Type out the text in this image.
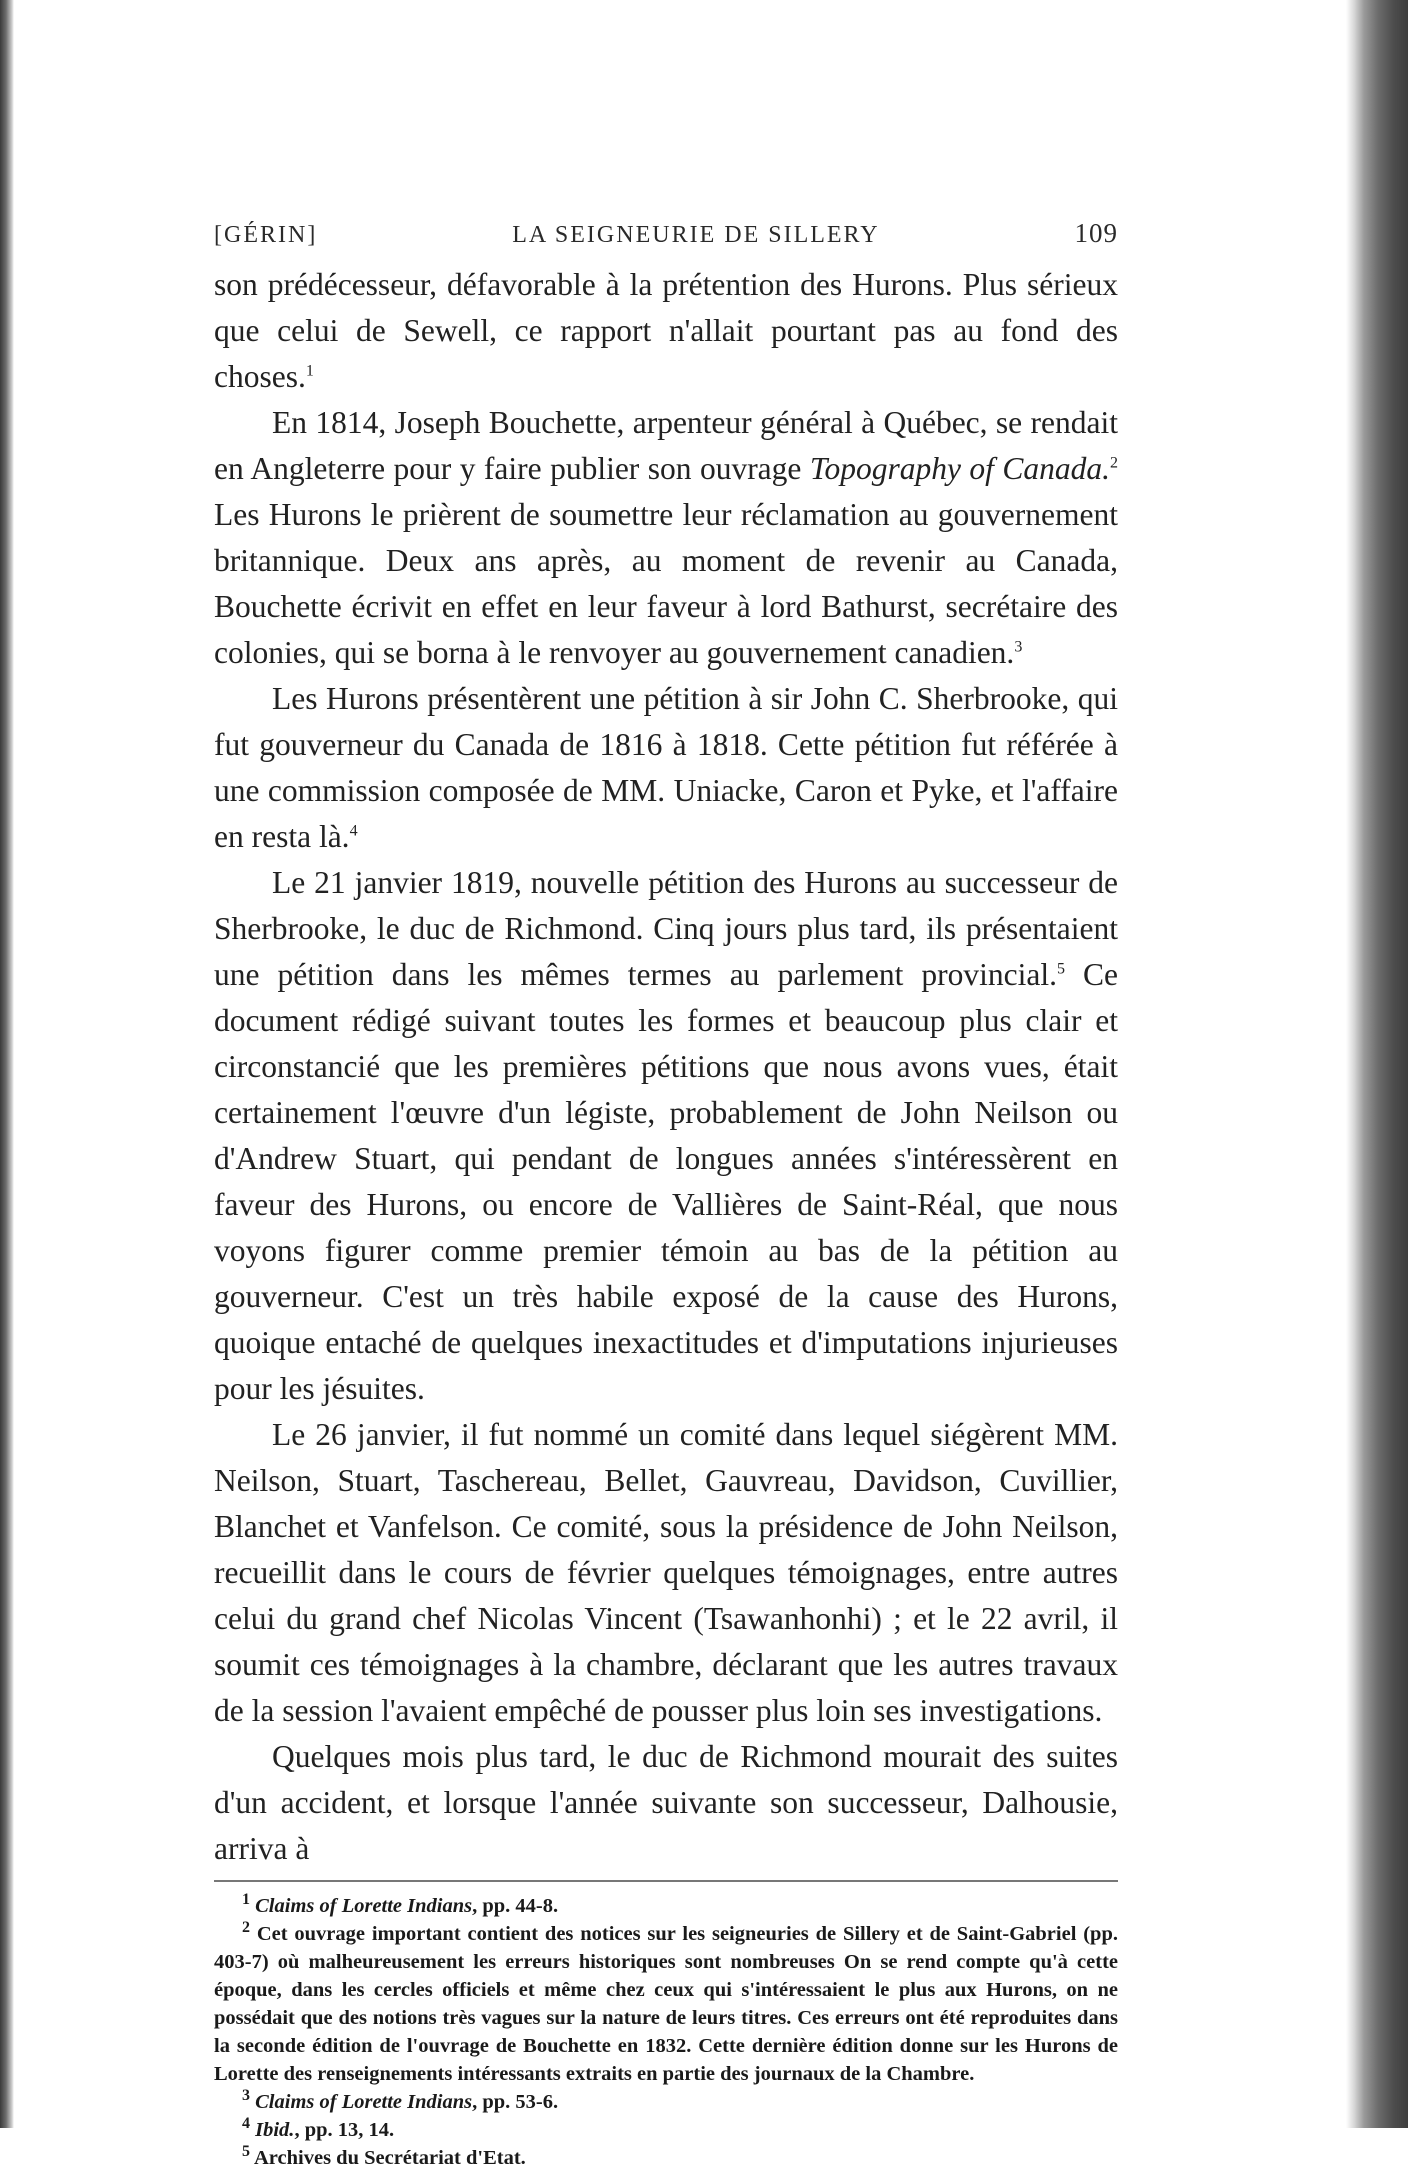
[GÉRIN]	LA SEIGNEURIE DE SILLERY	109

son prédécesseur, défavorable à la prétention des Hurons. Plus sérieux que celui de Sewell, ce rapport n'allait pourtant pas au fond des choses.$^1$

En 1814, Joseph Bouchette, arpenteur général à Québec, se rendait en Angleterre pour y faire publier son ouvrage Topography of Canada.$^2$ Les Hurons le prièrent de soumettre leur réclamation au gouvernement britannique. Deux ans après, au moment de revenir au Canada, Bouchette écrivit en effet en leur faveur à lord Bathurst, secrétaire des colonies, qui se borna à le renvoyer au gouvernement canadien.$^3$

Les Hurons présentèrent une pétition à sir John C. Sherbrooke, qui fut gouverneur du Canada de 1816 à 1818. Cette pétition fut référée à une commission composée de MM. Uniacke, Caron et Pyke, et l'affaire en resta là.$^4$

Le 21 janvier 1819, nouvelle pétition des Hurons au successeur de Sherbrooke, le duc de Richmond. Cinq jours plus tard, ils présentaient une pétition dans les mêmes termes au parlement provincial.$^5$ Ce document rédigé suivant toutes les formes et beaucoup plus clair et circonstancié que les premières pétitions que nous avons vues, était certainement l'œuvre d'un légiste, probablement de John Neilson ou d'Andrew Stuart, qui pendant de longues années s'intéressèrent en faveur des Hurons, ou encore de Vallières de Saint-Réal, que nous voyons figurer comme premier témoin au bas de la pétition au gouverneur. C'est un très habile exposé de la cause des Hurons, quoique entaché de quelques inexactitudes et d'imputations injurieuses pour les jésuites.

Le 26 janvier, il fut nommé un comité dans lequel siégèrent MM. Neilson, Stuart, Taschereau, Bellet, Gauvreau, Davidson, Cuvillier, Blanchet et Vanfelson. Ce comité, sous la présidence de John Neilson, recueillit dans le cours de février quelques témoignages, entre autres celui du grand chef Nicolas Vincent (Tsawanhonhi) ; et le 22 avril, il soumit ces témoignages à la chambre, déclarant que les autres travaux de la session l'avaient empêché de pousser plus loin ses investigations.

Quelques mois plus tard, le duc de Richmond mourait des suites d'un accident, et lorsque l'année suivante son successeur, Dalhousie, arriva à

$^1$ Claims of Lorette Indians, pp. 44-8.

$^2$ Cet ouvrage important contient des notices sur les seigneuries de Sillery et de Saint-Gabriel (pp. 403-7) où malheureusement les erreurs historiques sont nombreuses On se rend compte qu'à cette époque, dans les cercles officiels et même chez ceux qui s'intéressaient le plus aux Hurons, on ne possédait que des notions très vagues sur la nature de leurs titres. Ces erreurs ont été reproduites dans la seconde édition de l'ouvrage de Bouchette en 1832. Cette dernière édition donne sur les Hurons de Lorette des renseignements intéressants extraits en partie des journaux de la Chambre.

$^3$ Claims of Lorette Indians, pp. 53-6.

$^4$ Ibid., pp. 13, 14.

$^5$ Archives du Secrétariat d'Etat.
